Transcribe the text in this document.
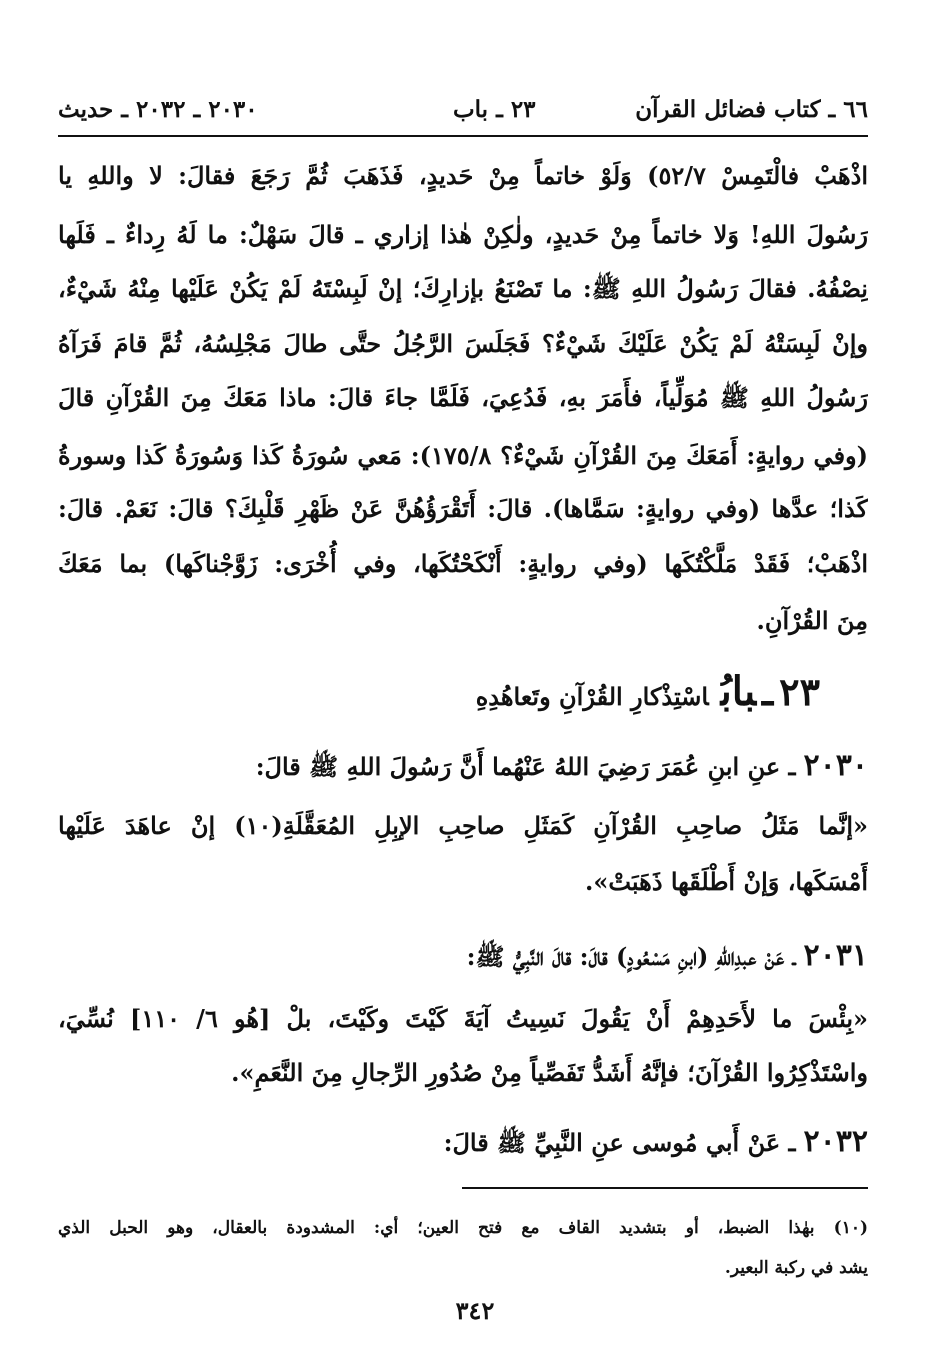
٦٦ ـ كتاب فضائل القرآن
٢٣ ـ باب
٢٠٣٠ ـ ٢٠٣٢ ـ حديث
اذْهَبْ فالْتَمِسْ ٥٢/٧) وَلَوْ خاتماً مِنْ حَديدٍ، فَذَهَبَ ثُمَّ رَجَعَ فقالَ: لا واللهِ يا
رَسُولَ اللهِ! وَلا خاتماً مِنْ حَديدٍ، ولٰكِنْ هٰذا إزاري ـ قالَ سَهْلٌ: ما لَهُ رِداءٌ ـ فَلَها
نِصْفُهُ. فقالَ رَسُولُ اللهِ ﷺ: ما تَصْنَعُ بإزارِكَ؛ إنْ لَبِسْتَهُ لَمْ يَكُنْ عَلَيْها مِنْهُ شَيْءٌ،
وإنْ لَبِسَتْهُ لَمْ يَكُنْ عَلَيْكَ شَيْءٌ؟ فَجَلَسَ الرَّجُلُ حتَّى طالَ مَجْلِسُهُ، ثُمَّ قامَ فَرَآهُ
رَسُولُ اللهِ ﷺ مُوَلِّياً، فأَمَرَ بهِ، فَدُعِيَ، فَلَمَّا جاءَ قالَ: ماذا مَعَكَ مِنَ القُرْآنِ قالَ
(وفي روايةٍ: أَمَعَكَ مِنَ القُرْآنِ شَيْءٌ؟ ١٧٥/٨): مَعي سُورَةُ كَذا وَسُورَةُ كَذا وسورةُ
كَذا؛ عدَّها (وفي روايةٍ: سَمَّاها). قالَ: أَتَقْرَؤُهُنَّ عَنْ ظَهْرِ قَلْبِكَ؟ قالَ: نَعَمْ. قالَ:
اذْهَبْ؛ فَقَدْ مَلَّكْتُكَها (وفي روايةٍ: أَنْكَحْتُكَها، وفي أُخْرَى: زَوَّجْناكَها) بما مَعَكَ
مِنَ القُرْآنِ.
٢٣ـبابُاسْتِذْكارِ القُرْآنِ وتَعاهُدِهِ
٢٠٣٠ـ عنِ ابنِ عُمَرَ رَضِيَ اللهُ عَنْهُما أَنَّ رَسُولَ اللهِ ﷺ قالَ:
«إنَّما مَثَلُ صاحِبِ القُرْآنِ كَمَثَلِ صاحِبِ الإبِلِ المُعَقَّلَةِ(١٠) إنْ عاهَدَ عَلَيْها
أَمْسَكَها، وَإنْ أَطْلَقَها ذَهَبَتْ».
٢٠٣١ـ عَنْ عبدِاللهِ (ابنِ مَسْعُودٍ) قالَ: قالَ النَّبِيُّ ﷺ:
«بِئْسَ ما لأَحَدِهِمْ أَنْ يَقُولَ نَسِيتُ آيَةَ كَيْتَ وكَيْتَ، بلْ [هُو ٦/ ١١٠] نُسِّيَ،
واسْتَذْكِرُوا القُرْآنَ؛ فإنَّهُ أَشَدُّ تَفَصِّياً مِنْ صُدُورِ الرِّجالِ مِنَ النَّعَمِ».
٢٠٣٢ـ عَنْ أَبي مُوسى عنِ النَّبِيِّ ﷺ قالَ:
(١٠) بهٰذا الضبط، أو بتشديد القاف مع فتح العين؛ أي: المشدودة بالعقال، وهو الحبل الذي
يشد في ركبة البعير.
٣٤٢
